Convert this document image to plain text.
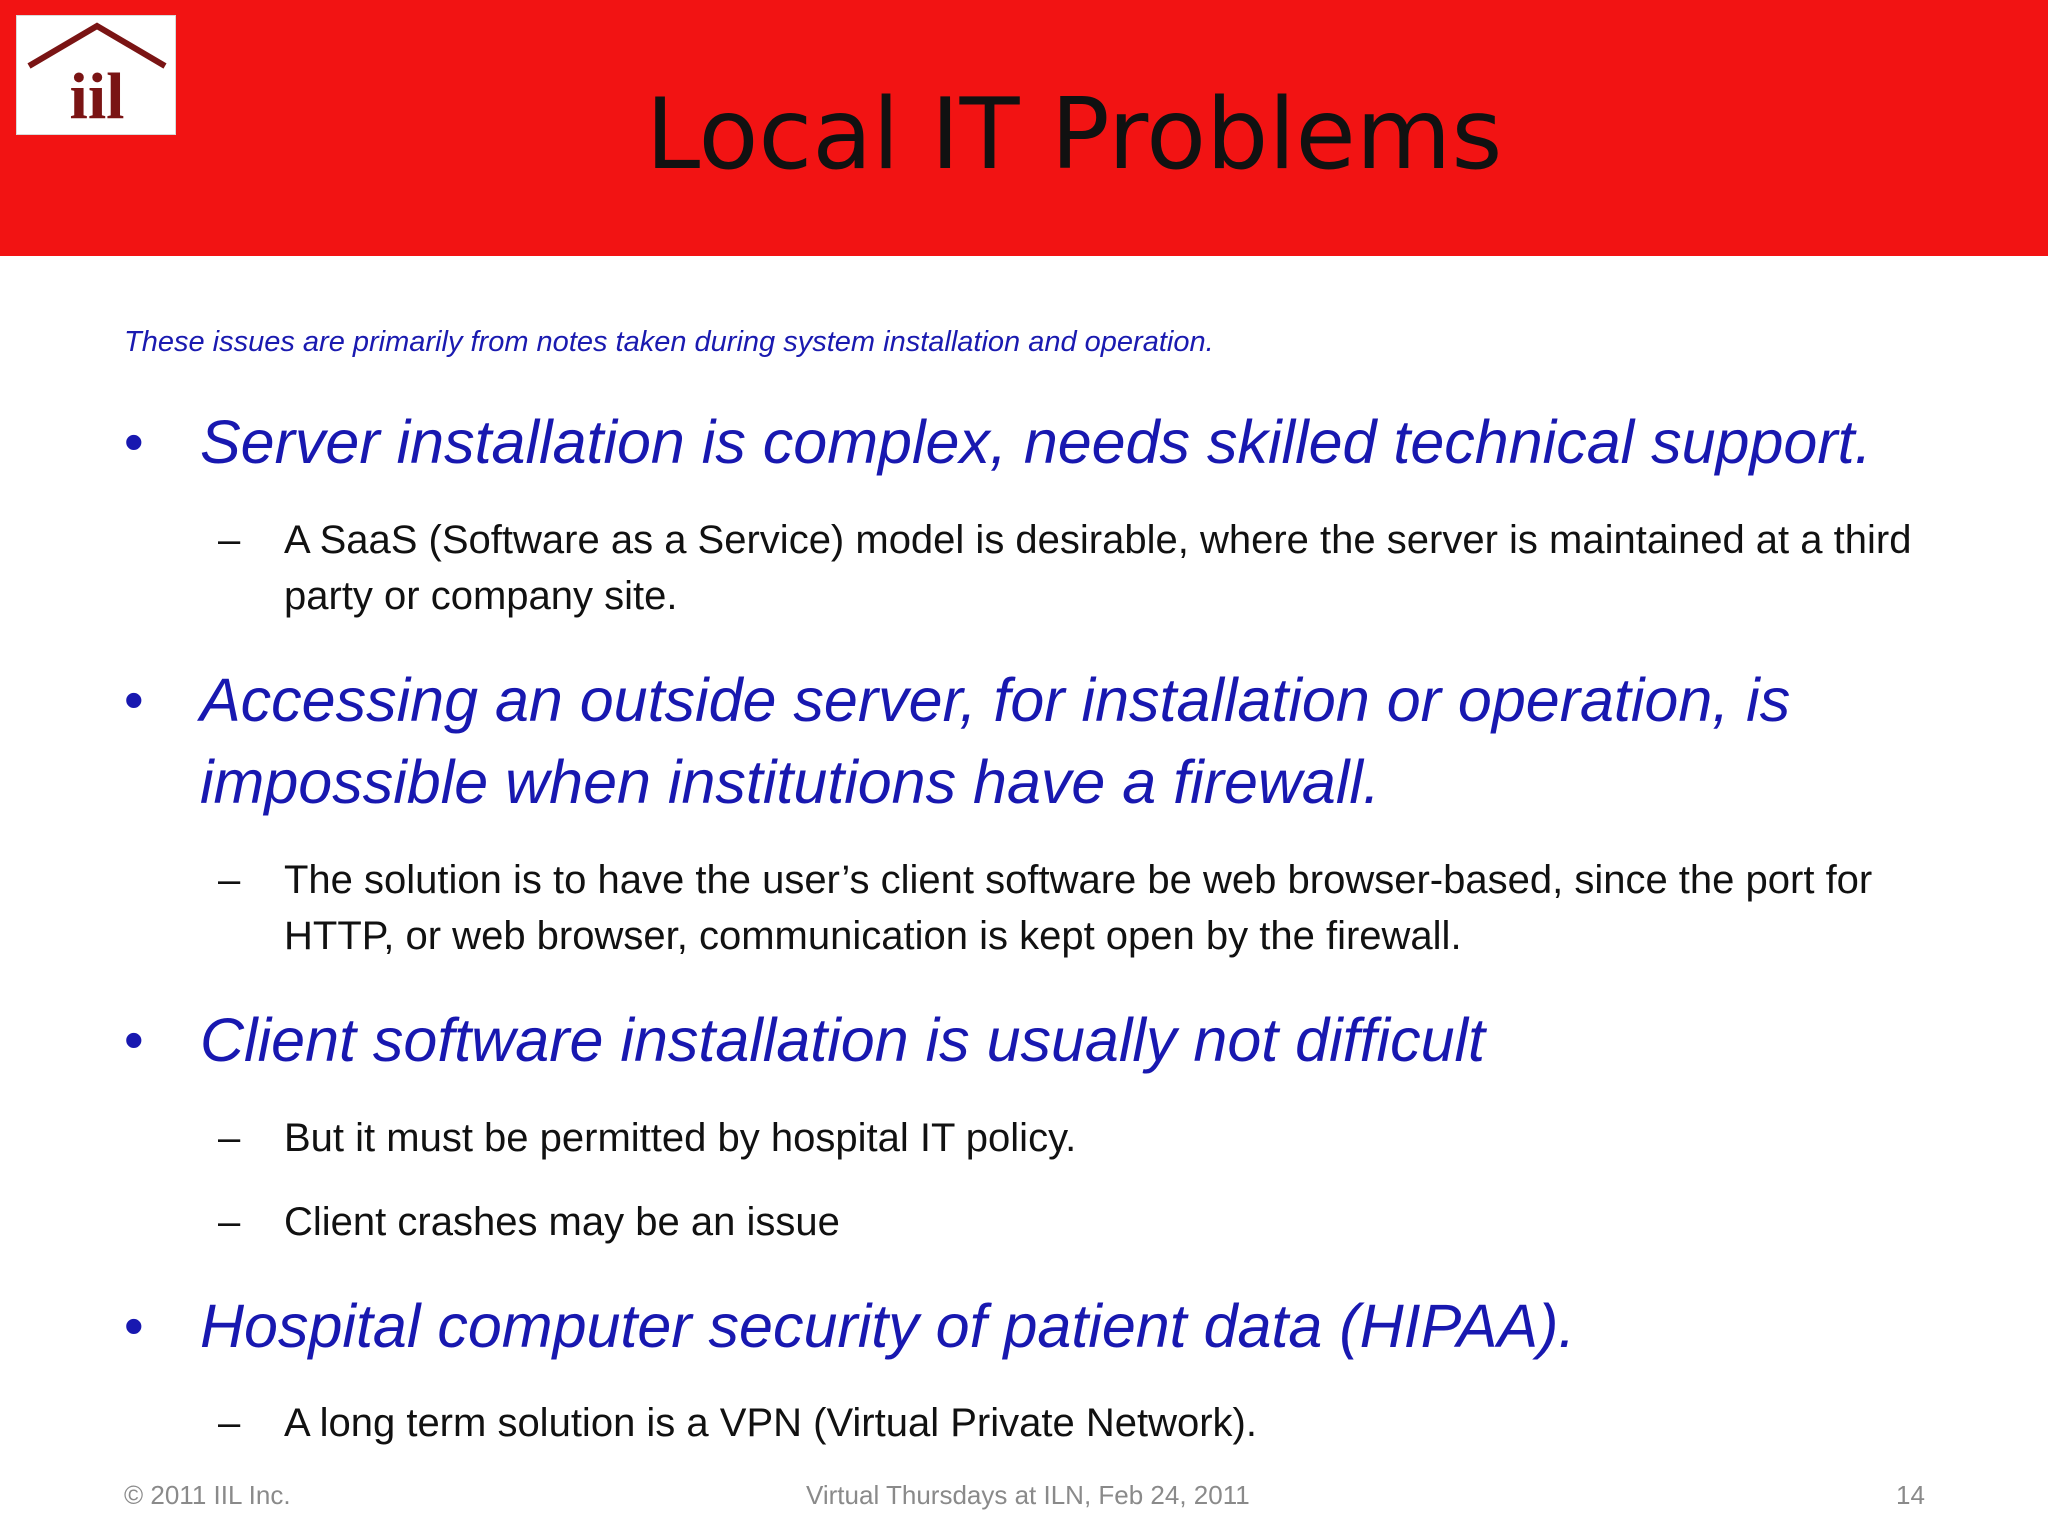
iil	Local IT Problems
These issues are primarily from notes taken during system installation and operation.
• Server installation is complex, needs skilled technical support.
– A SaaS (Software as a Service) model is desirable, where the server is maintained at a third party or company site.
• Accessing an outside server, for installation or operation, is impossible when institutions have a firewall.
– The solution is to have the user’s client software be web browser-based, since the port for HTTP, or web browser, communication is kept open by the firewall.
• Client software installation is usually not difficult
– But it must be permitted by hospital IT policy.
– Client crashes may be an issue
• Hospital computer security of patient data (HIPAA).
– A long term solution is a VPN (Virtual Private Network).
© 2011 IIL Inc.	Virtual Thursdays at ILN, Feb 24, 2011	14
